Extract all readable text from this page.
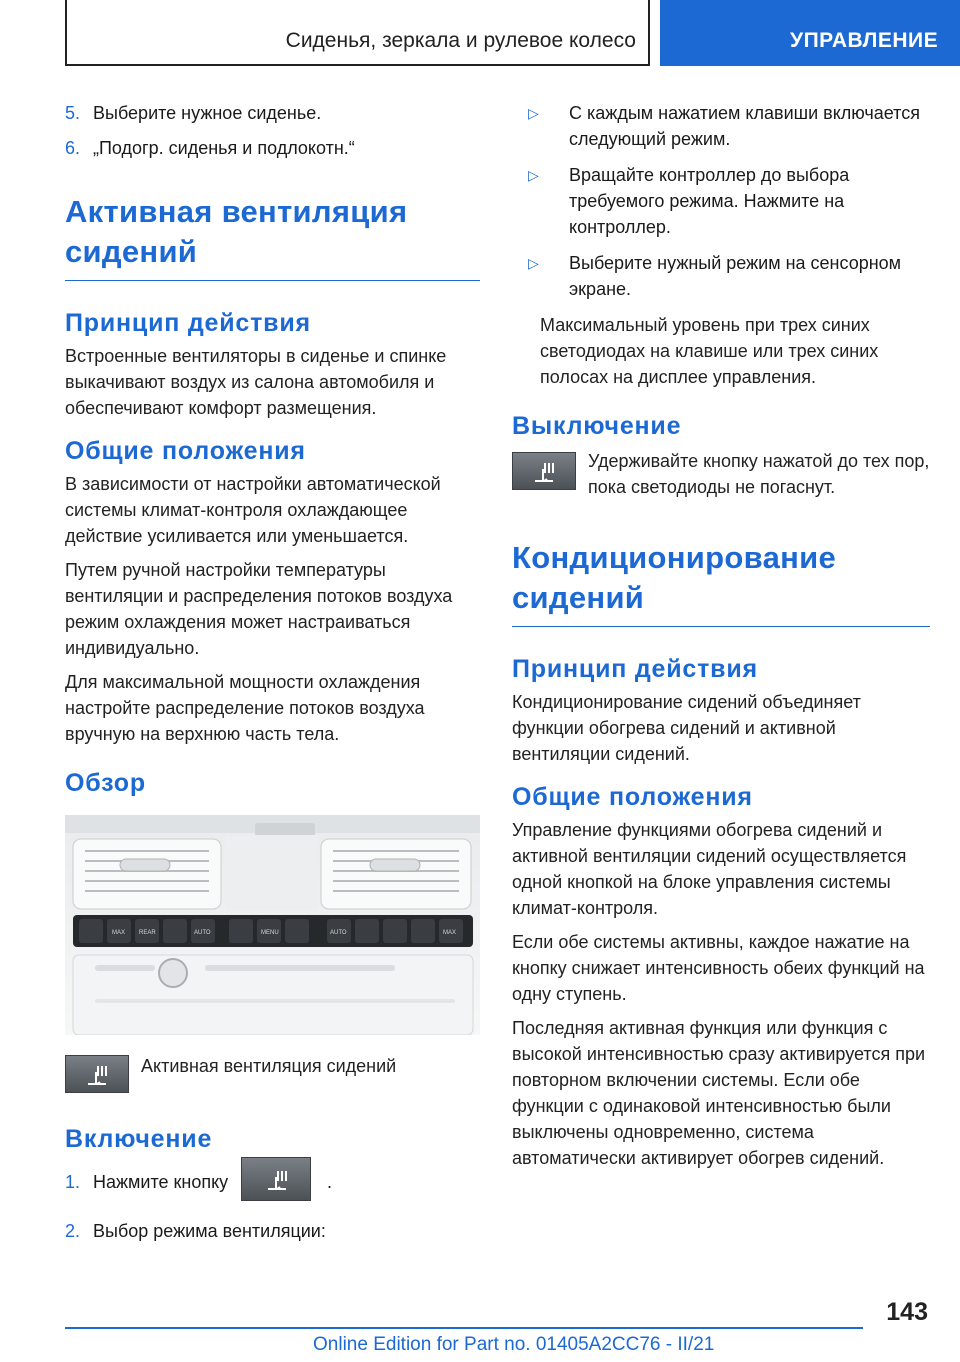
Сиденья, зеркала и рулевое колесо	УПРАВЛЕНИЕ
5. Выберите нужное сиденье.
6. „Подогр. сиденья и подлокотн.“
Активная вентиляция сидений
Принцип действия

Встроенные вентиляторы в сиденье и спинке выкачивают воздух из салона автомобиля и обеспечивают комфорт размещения.

Общие положения

В зависимости от настройки автоматической системы климат-контроля охлаждающее действие усиливается или уменьшается.

Путем ручной настройки температуры вентиляции и распределения потоков воздуха режим охлаждения может настраиваться индивидуально.

Для максимальной мощности охлаждения настройте распределение потоков воздуха вручную на верхнюю часть тела.

Обзор
MAX REAR	AUTO	MENU	AUTO	MAX

Активная вентиляция сидений

Включение
1. Нажмите кнопку	.
2. Выбор режима вентиляции:
▷ С каждым нажатием клавиши включается следующий режим.
▷ Вращайте контроллер до выбора требуемого режима. Нажмите на контроллер.
▷ Выберите нужный режим на сенсорном экране.

Максимальный уровень при трех синих светодиодах на клавише или трех синих полосах на дисплее управления.

Выключение

Удерживайте кнопку нажатой до тех пор, пока светодиоды не погаснут.

Кондиционирование сидений
Принцип действия

Кондиционирование сидений объединяет функции обогрева сидений и активной вентиляции сидений.

Общие положения

Управление функциями обогрева сидений и активной вентиляции сидений осуществляется одной кнопкой на блоке управления системы климат-контроля.

Если обе системы активны, каждое нажатие на кнопку снижает интенсивность обеих функций на одну ступень.

Последняя активная функция или функция с высокой интенсивностью сразу активируется при повторном включении системы. Если обе функции с одинаковой интенсивностью были выключены одновременно, система автоматически активирует обогрев сидений.

143
Online Edition for Part no. 01405A2CC76 - II/21
